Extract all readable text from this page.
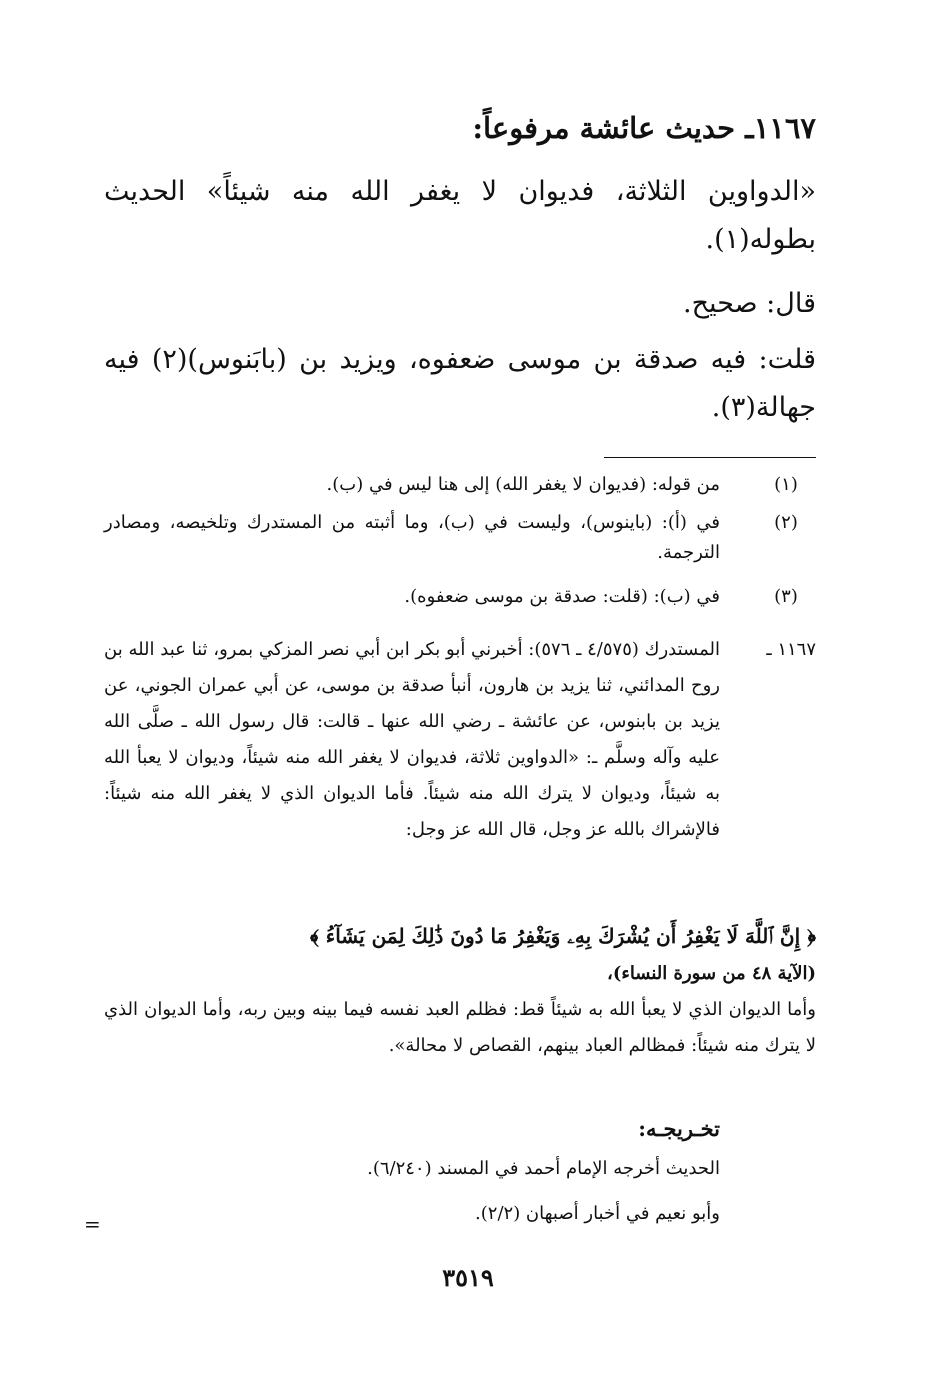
١١٦٧ـ حديث عائشة مرفوعاً:
«الدواوين الثلاثة، فديوان لا يغفر الله منه شيئاً» الحديث بطوله(١).
قال: صحيح.
قلت: فيه صدقة بن موسى ضعفوه، ويزيد بن (بابَنوس)(٢) فيه جهالة(٣).
(١)
من قوله: (فديوان لا يغفر الله) إلى هنا ليس في (ب).
(٢)
في (أ): (باينوس)، وليست في (ب)، وما أثبته من المستدرك وتلخيصه، ومصادر الترجمة.
(٣)
في (ب): (قلت: صدقة بن موسى ضعفوه).
١١٦٧ ـ
المستدرك (٤/٥٧٥ ـ ٥٧٦): أخبرني أبو بكر ابن أبي نصر المزكي بمرو، ثنا عبد الله بن روح المدائني، ثنا يزيد بن هارون، أنبأ صدقة بن موسى، عن أبي عمران الجوني، عن يزيد بن بابنوس، عن عائشة ـ رضي الله عنها ـ قالت: قال رسول الله ـ صلَّى الله عليه وآله وسلَّم ـ: «الدواوين ثلاثة، فديوان لا يغفر الله منه شيئاً، وديوان لا يعبأ الله به شيئاً، وديوان لا يترك الله منه شيئاً. فأما الديوان الذي لا يغفر الله منه شيئاً: فالإشراك بالله عز وجل، قال الله عز وجل:
﴿ إِنَّ ٱللَّهَ لَا يَغْفِرُ أَن يُشْرَكَ بِهِۦ وَيَغْفِرُ مَا دُونَ ذَٰلِكَ لِمَن يَشَآءُ ﴾
(الآية ٤٨ من سورة النساء)،
وأما الديوان الذي لا يعبأ الله به شيئاً قط: فظلم العبد نفسه فيما بينه وبين ربه، وأما الديوان الذي لا يترك منه شيئاً: فمظالم العباد بينهم، القصاص لا محالة».
تخـريجـه:
الحديث أخرجه الإمام أحمد في المسند (٦/٢٤٠).
وأبو نعيم في أخبار أصبهان (٢/٢).
=
٣٥١٩
